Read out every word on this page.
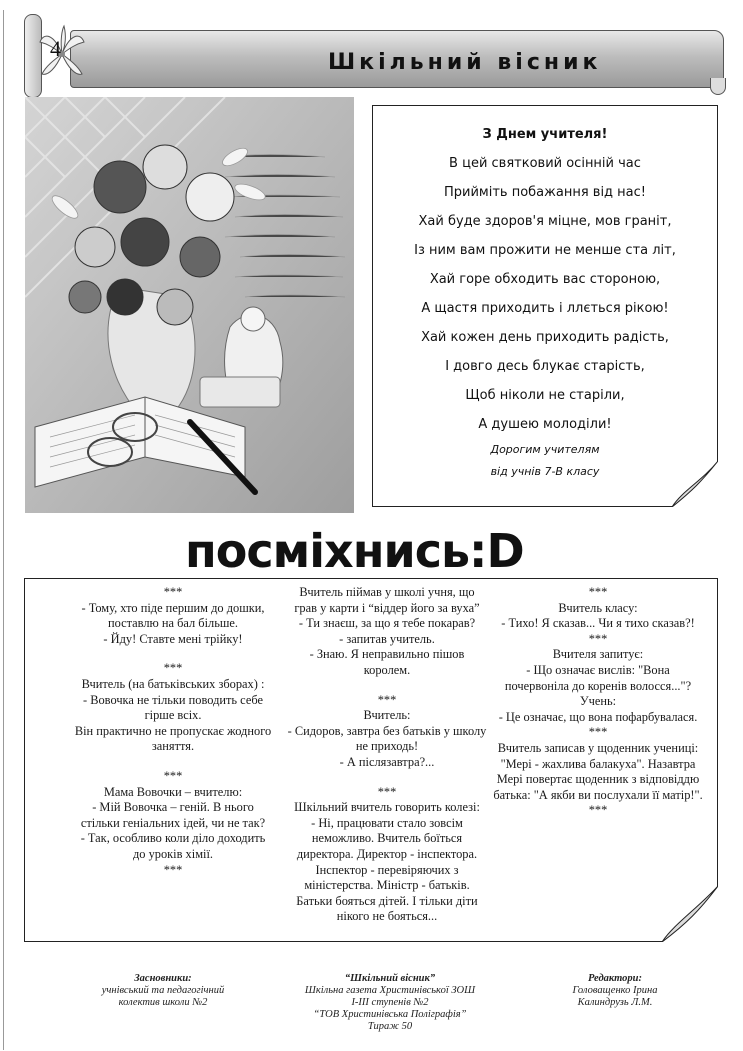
Шкільний вісник
4
З Днем учителя!
В цей святковий осінній час
Прийміть побажання від нас!
Хай буде здоров'я міцне, мов граніт,
Із ним вам прожити не менше ста літ,
Хай горе обходить вас стороною,
А щастя приходить і ллється рікою!
Хай кожен день приходить радість,
І довго десь блукає старість,
Щоб ніколи не старіли,
А душею молоділи!
Дорогим учителям
від учнів 7-В класу
посміхнись:D

***

- Тому, хто піде першим до дошки, поставлю на бал більше.

- Йду! Ставте мені трійку!

***

Вчитель (на батьківських зборах) :

- Вовочка не тільки поводить себе гірше всіх.

Він практично не пропускає жодного заняття.

***

Мама Вовочки – вчителю:

- Мій Вовочка – геній. В нього стільки геніальних ідей, чи не так?

- Так, особливо коли діло доходить до уроків хімії.

***

Вчитель піймав у школі учня, що грав у карти і “віддер його за вуха”

- Ти знаєш, за що я тебе покарав?

- запитав учитель.

- Знаю. Я неправильно пішов королем.

***

Вчитель:

- Сидоров, завтра без батьків у школу не приходь!

- А післязавтра?...

***

Шкільний вчитель говорить колезі:

- Ні, працювати стало зовсім неможливо. Вчитель боїться директора. Директор - інспектора. Інспектор - перевіряючих з міністерства. Міністр - батьків. Батьки бояться дітей. І тільки діти нікого не бояться...

***

Вчитель класу:

- Тихо! Я сказав... Чи я тихо сказав?!

***

Вчителя запитує:

- Що означає вислів: "Вона почервоніла до коренів волосся..."?

Учень:

- Це означає, що вона пофарбувалася.

***

Вчитель записав у щоденник учениці: "Мері - жахлива балакуха". Назавтра Мері повертає щоденник з відповіддю батька: "А якби ви послухали її матір!".

***

Засновники:
учнівський та педагогічний
колектив школи №2
“Шкільний вісник”
Шкільна газета Христинівської ЗОШ
І-ІІІ ступенів №2
“ТОВ Христинівська Поліграфія”
Тираж 50
Редактори:
Головащенко Ірина
Калиндрузь Л.М.
